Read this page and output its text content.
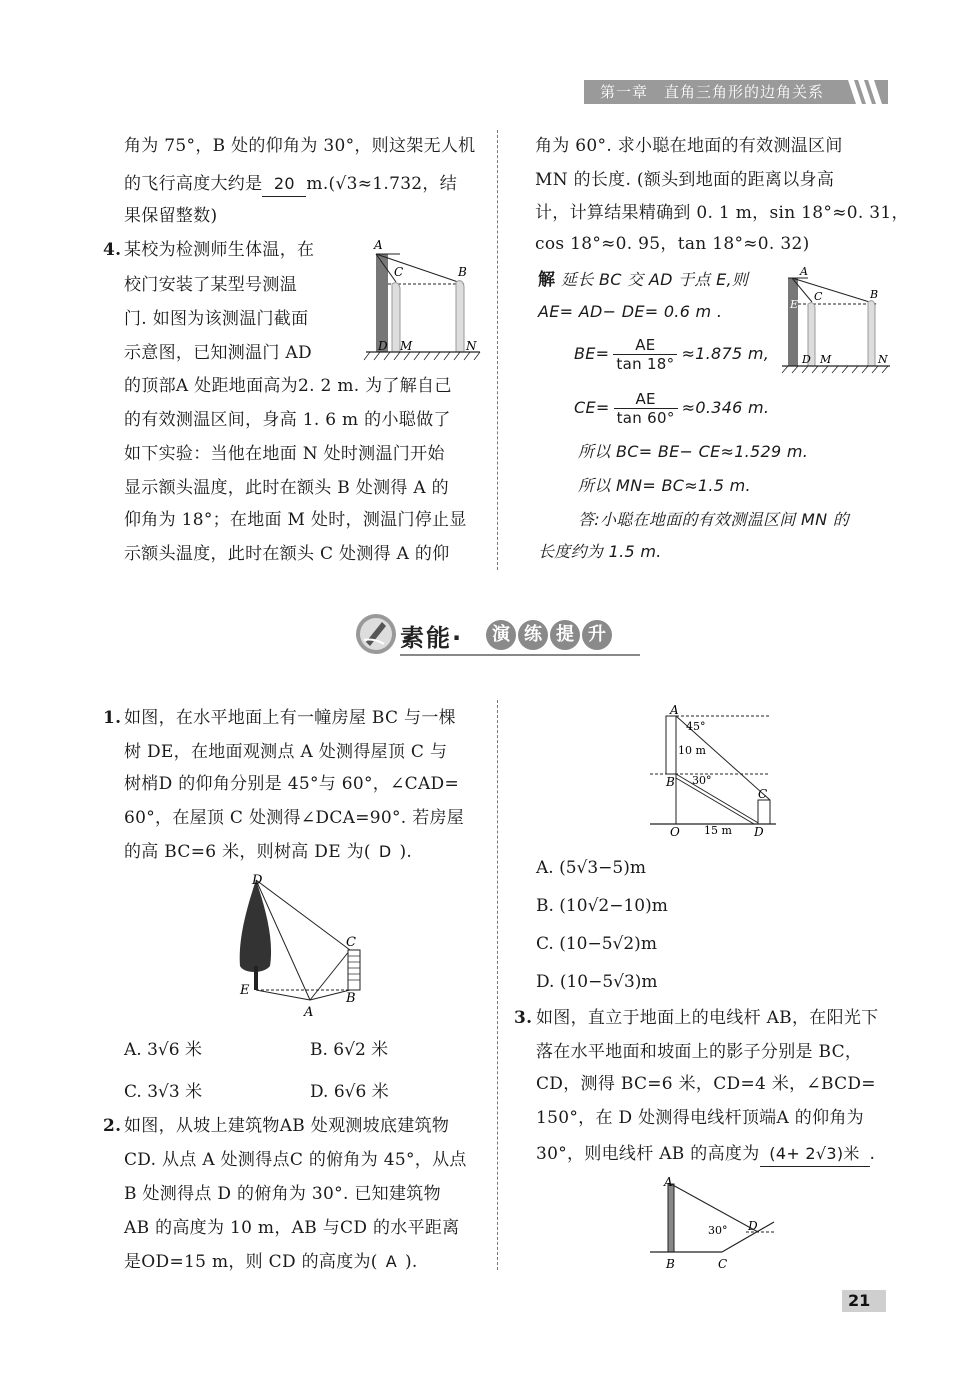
第一章　直角三角形的边角关系
角为 75°，B 处的仰角为 30°，则这架无人机
的飞行高度大约是 20 m.(√3≈1.732，结
果保留整数)
4. 某校为检测师生体温，在
校门安装了某型号测温
门. 如图为该测温门截面
示意图，已知测温门 AD
的顶部A 处距地面高为2. 2 m. 为了解自己
的有效测温区间，身高 1. 6 m 的小聪做了
如下实验：当他在地面 N 处时测温门开始
显示额头温度，此时在额头 B 处测得 A 的
仰角为 18°；在地面 M 处时，测温门停止显
示额头温度，此时在额头 C 处测得 A 的仰
A
C	B
D M	N
角为 60°. 求小聪在地面的有效测温区间
MN 的长度. (额头到地面的距离以身高
计，计算结果精确到 0. 1 m，sin 18°≈0. 31，
cos 18°≈0. 95，tan 18°≈0. 32)
解 延长 BC 交 AD 于点 E,则
AE= AD− DE= 0.6 m .
$BE= \frac{AE}{\tan 18^\circ} \approx 1.875$ m,
$CE= \frac{AE}{\tan 60^\circ} \approx 0.346$ m.
所以 BC= BE− CE≈1.529 m.
所以 MN= BC≈1.5 m.
答:小聪在地面的有效测温区间 MN 的
长度约为 1.5 m.
A
E
C	B
D M	N
素能·	演 练 提 升
1. 如图，在水平地面上有一幢房屋 BC 与一棵
树 DE，在地面观测点 A 处测得屋顶 C 与
树梢D 的仰角分别是 45°与 60°，∠CAD=
60°，在屋顶 C 处测得∠DCA=90°. 若房屋
的高 BC=6 米，则树高 DE 为( D ).
D
C
E
B
A
A. 3√6 米	B. 6√2 米
C. 3√3 米	D. 6√6 米
2. 如图，从坡上建筑物AB 处观测坡底建筑物
CD. 从点 A 处测得点C 的俯角为 45°，从点
B 处测得点 D 的俯角为 30°. 已知建筑物
AB 的高度为 10 m，AB 与CD 的水平距离
是OD=15 m，则 CD 的高度为( A ).
A
45°
10 m
B 30°
C
O 15 m D
A. (5√3−5)m
B. (10√2−10)m
C. (10−5√2)m
D. (10−5√3)m
3. 如图，直立于地面上的电线杆 AB，在阳光下
落在水平地面和坡面上的影子分别是 BC，
CD，测得 BC=6 米，CD=4 米，∠BCD=
150°，在 D 处测得电线杆顶端A 的仰角为
30°，则电线杆 AB 的高度为 (4+ 2√3)米 .
A
30° D
B	C
21
